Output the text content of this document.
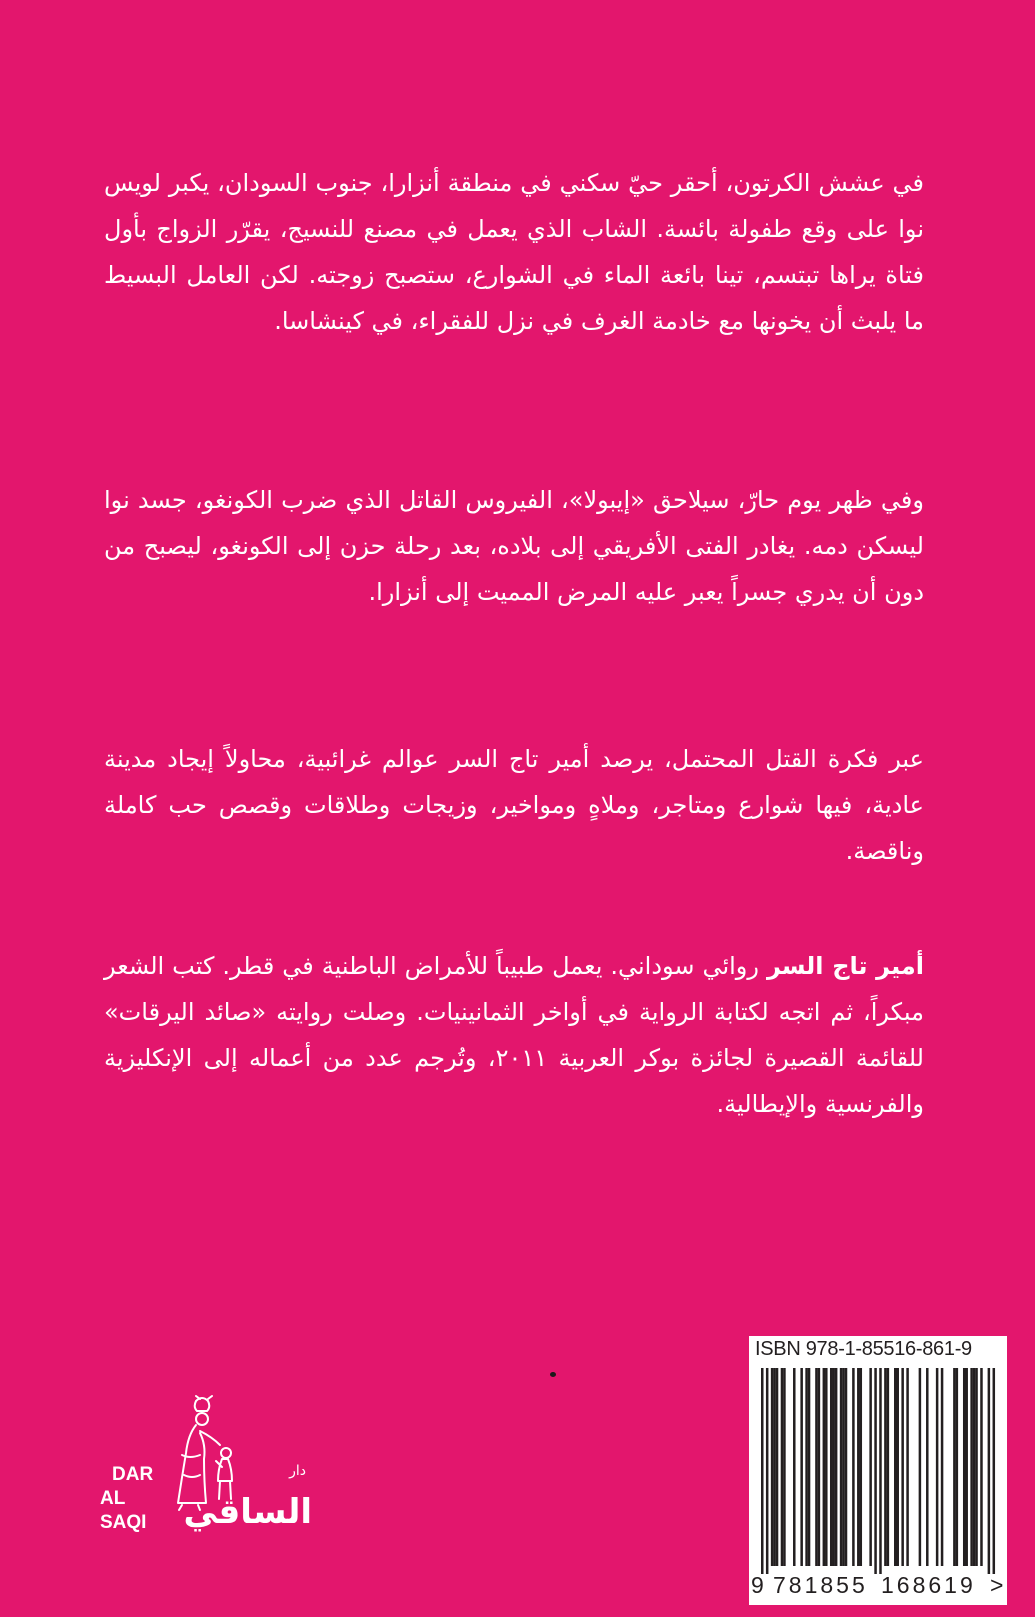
في عشش الكرتون، أحقر حيّ سكني في منطقة أنزارا، جنوب السودان، يكبر لويس نوا على وقع طفولة بائسة. الشاب الذي يعمل في مصنع للنسيج، يقرّر الزواج بأول فتاة يراها تبتسم، تينا بائعة الماء في الشوارع، ستصبح زوجته. لكن العامل البسيط ما يلبث أن يخونها مع خادمة الغرف في نزل للفقراء، في كينشاسا.

وفي ظهر يوم حارّ، سيلاحق «إيبولا»، الفيروس القاتل الذي ضرب الكونغو، جسد نوا ليسكن دمه. يغادر الفتى الأفريقي إلى بلاده، بعد رحلة حزن إلى الكونغو، ليصبح من دون أن يدري جسراً يعبر عليه المرض المميت إلى أنزارا.

عبر فكرة القتل المحتمل، يرصد أمير تاج السر عوالم غرائبية، محاولاً إيجاد مدينة عادية، فيها شوارع ومتاجر، وملاهٍ ومواخير، وزيجات وطلاقات وقصص حب كاملة وناقصة.

أمير تاج السر روائي سوداني. يعمل طبيباً للأمراض الباطنية في قطر. كتب الشعر مبكراً، ثم اتجه لكتابة الرواية في أواخر الثمانينيات. وصلت روايته «صائد اليرقات» للقائمة القصيرة لجائزة بوكر العربية ٢٠١١، وتُرجم عدد من أعماله إلى الإنكليزية والفرنسية والإيطالية.

DAR
AL SAQI
دار
الساقي
ISBN 978-1-85516-861-9
9 781855 168619 >
